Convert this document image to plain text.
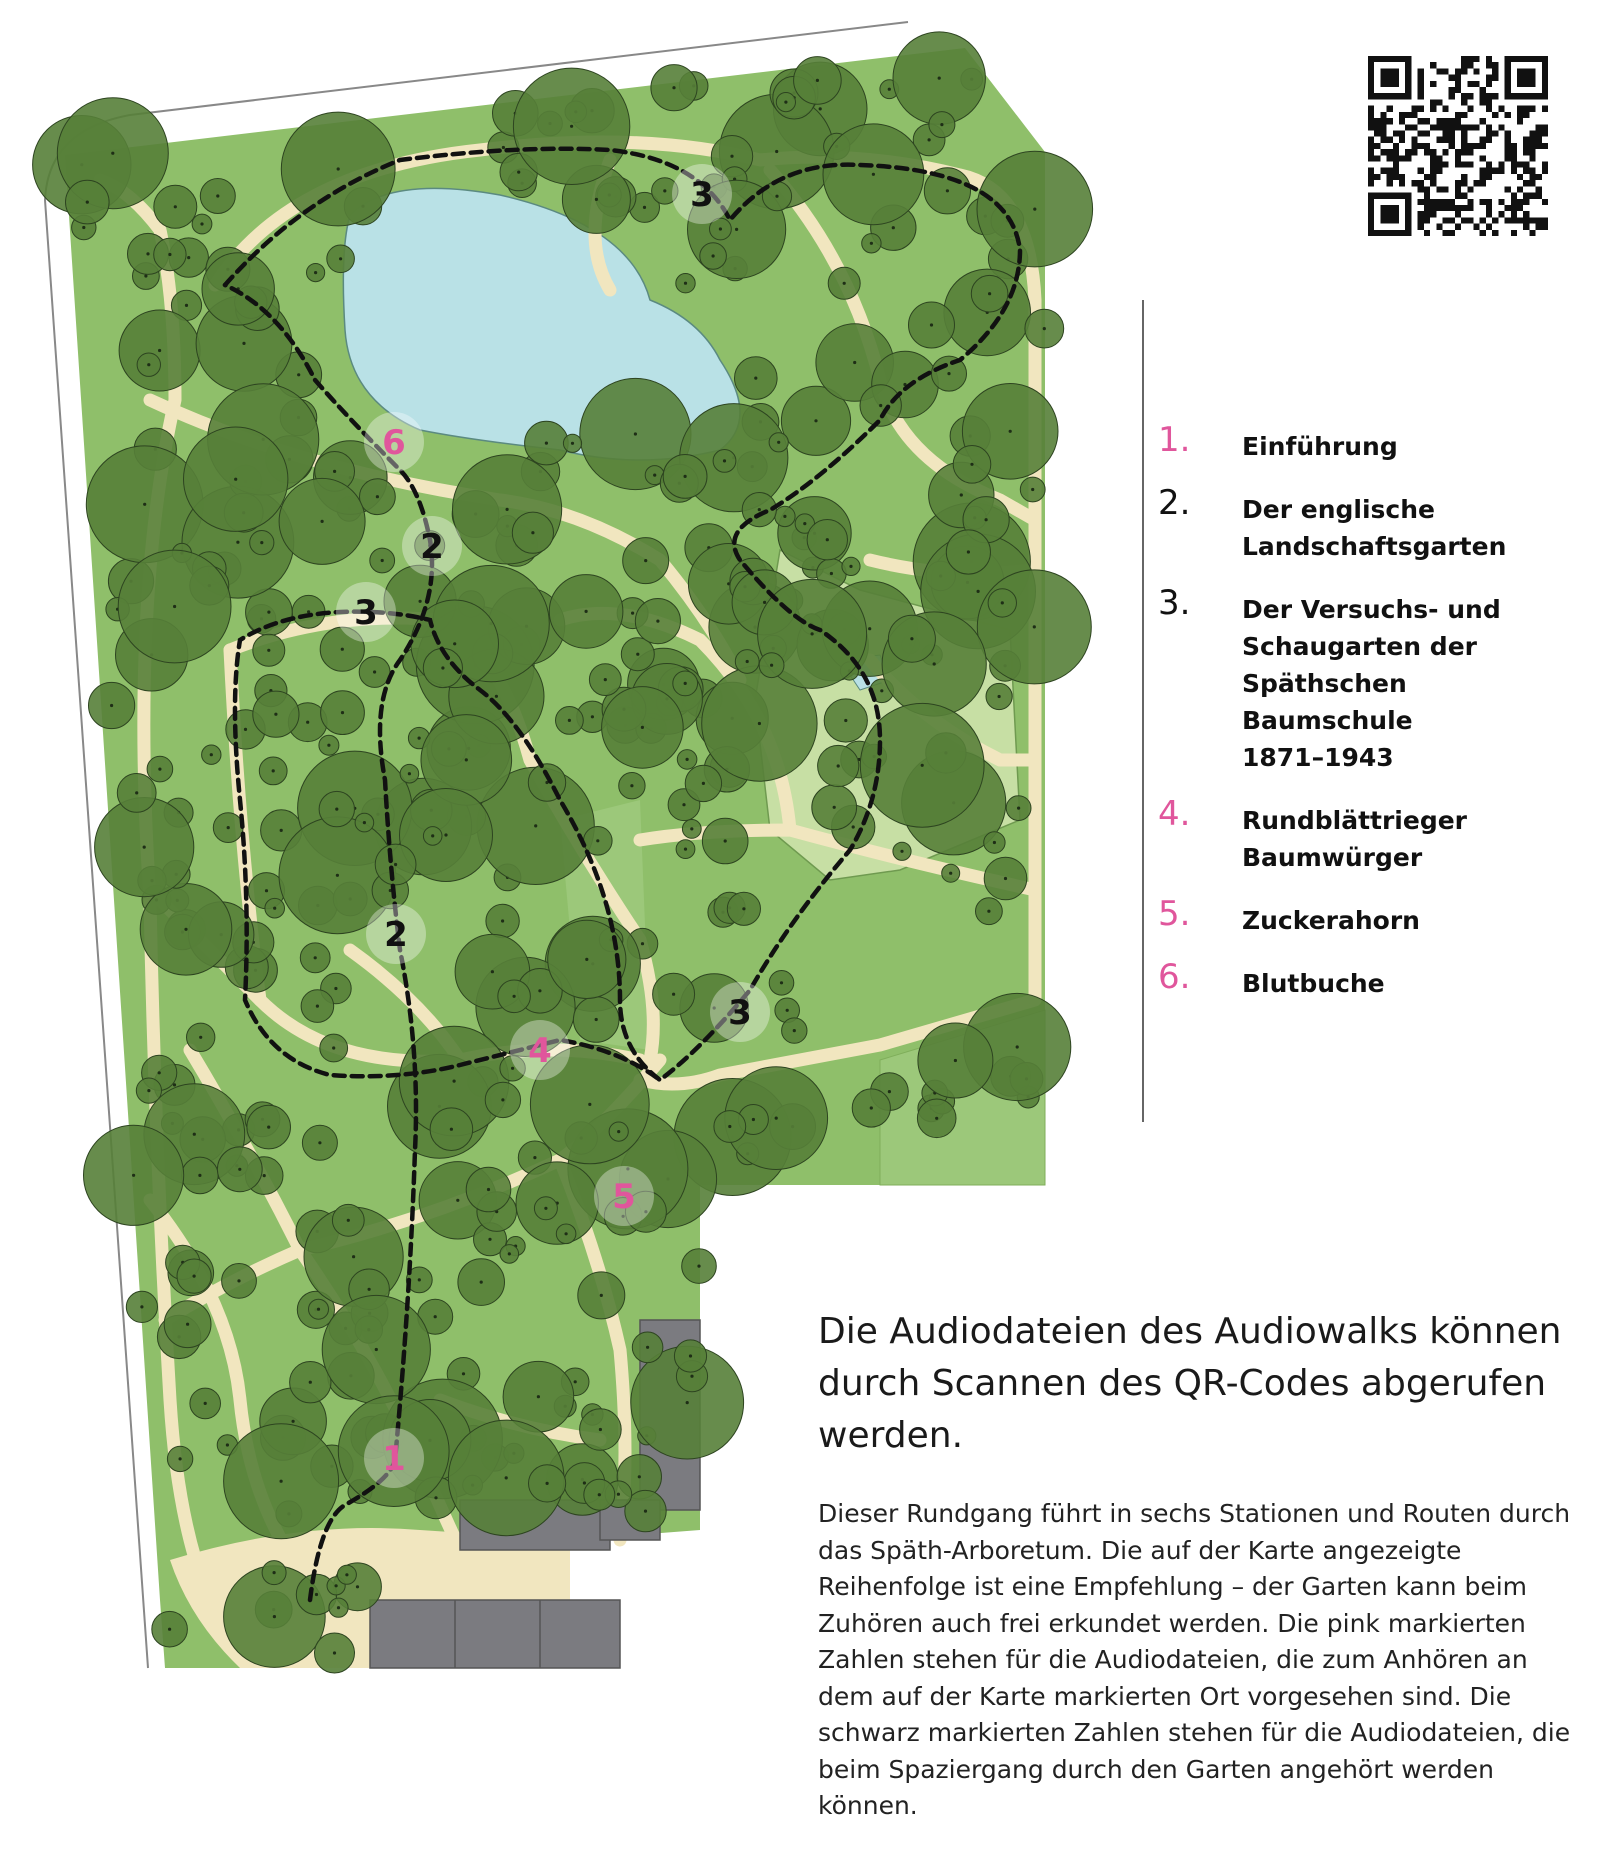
1
2
2
3
3
3
4
5
6	1. Einführung
2. Der englische
Landschaftsgarten
3. Der Versuchs- und
Schaugarten der
Späthschen
Baumschule
1871–1943
4. Rundblättrieger
Baumwürger
5. Zuckerahorn
6. Blutbuche
Die Audiodateien des Audiowalks können durch Scannen des QR-Codes abgerufen werden.
Dieser Rundgang führt in sechs Stationen und Routen durch das Späth-Arboretum. Die auf der Karte angezeigte Reihenfolge ist eine Empfehlung – der Garten kann beim Zuhören auch frei erkundet werden. Die pink markierten Zahlen stehen für die Audiodateien, die zum Anhören an dem auf der Karte markierten Ort vorgesehen sind. Die schwarz markierten Zahlen stehen für die Audiodateien, die beim Spaziergang durch den Garten angehört werden können.
